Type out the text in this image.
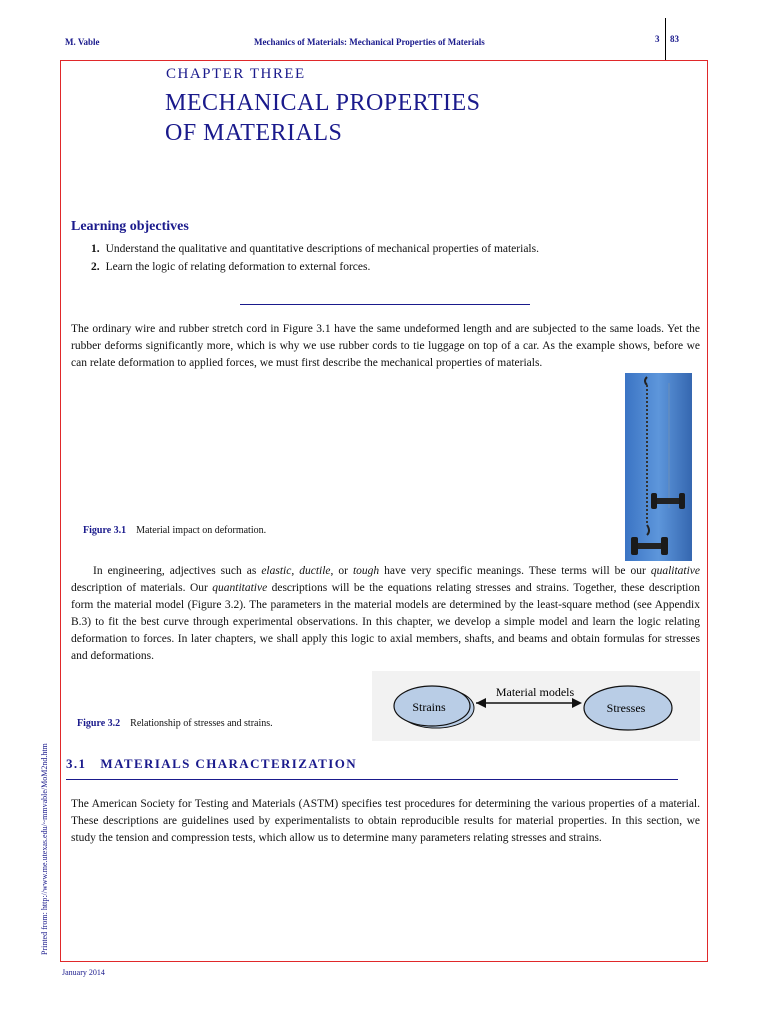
M. Vable	Mechanics of Materials: Mechanical Properties of Materials	3 83
CHAPTER THREE
MECHANICAL PROPERTIES
OF MATERIALS
Learning objectives
1. Understand the qualitative and quantitative descriptions of mechanical properties of materials.
2. Learn the logic of relating deformation to external forces.
The ordinary wire and rubber stretch cord in Figure 3.1 have the same undeformed length and are subjected to the same loads. Yet the rubber deforms significantly more, which is why we use rubber cords to tie luggage on top of a car. As the example shows, before we can relate deformation to applied forces, we must first describe the mechanical properties of materials.
Figure 3.1 Material impact on deformation.
In engineering, adjectives such as elastic, ductile, or tough have very specific meanings. These terms will be our qualitative description of materials. Our quantitative descriptions will be the equations relating stresses and strains. Together, these description form the material model (Figure 3.2). The parameters in the material models are determined by the least-square method (see Appendix B.3) to fit the best curve through experimental observations. In this chapter, we develop a simple model and learn the logic relating deformation to forces. In later chapters, we shall apply this logic to axial members, shafts, and beams and obtain formulas for stresses and deformations.
Strains	Stresses
Material models
Figure 3.2 Relationship of stresses and strains.
3.1 MATERIALS CHARACTERIZATION
The American Society for Testing and Materials (ASTM) specifies test procedures for determining the various properties of a material. These descriptions are guidelines used by experimentalists to obtain reproducible results for material properties. In this section, we study the tension and compression tests, which allow us to determine many parameters relating stresses and strains.
Printed from: http://www.me.utexas.edu/~mmvable/MoM2nd.htm
January 2014
